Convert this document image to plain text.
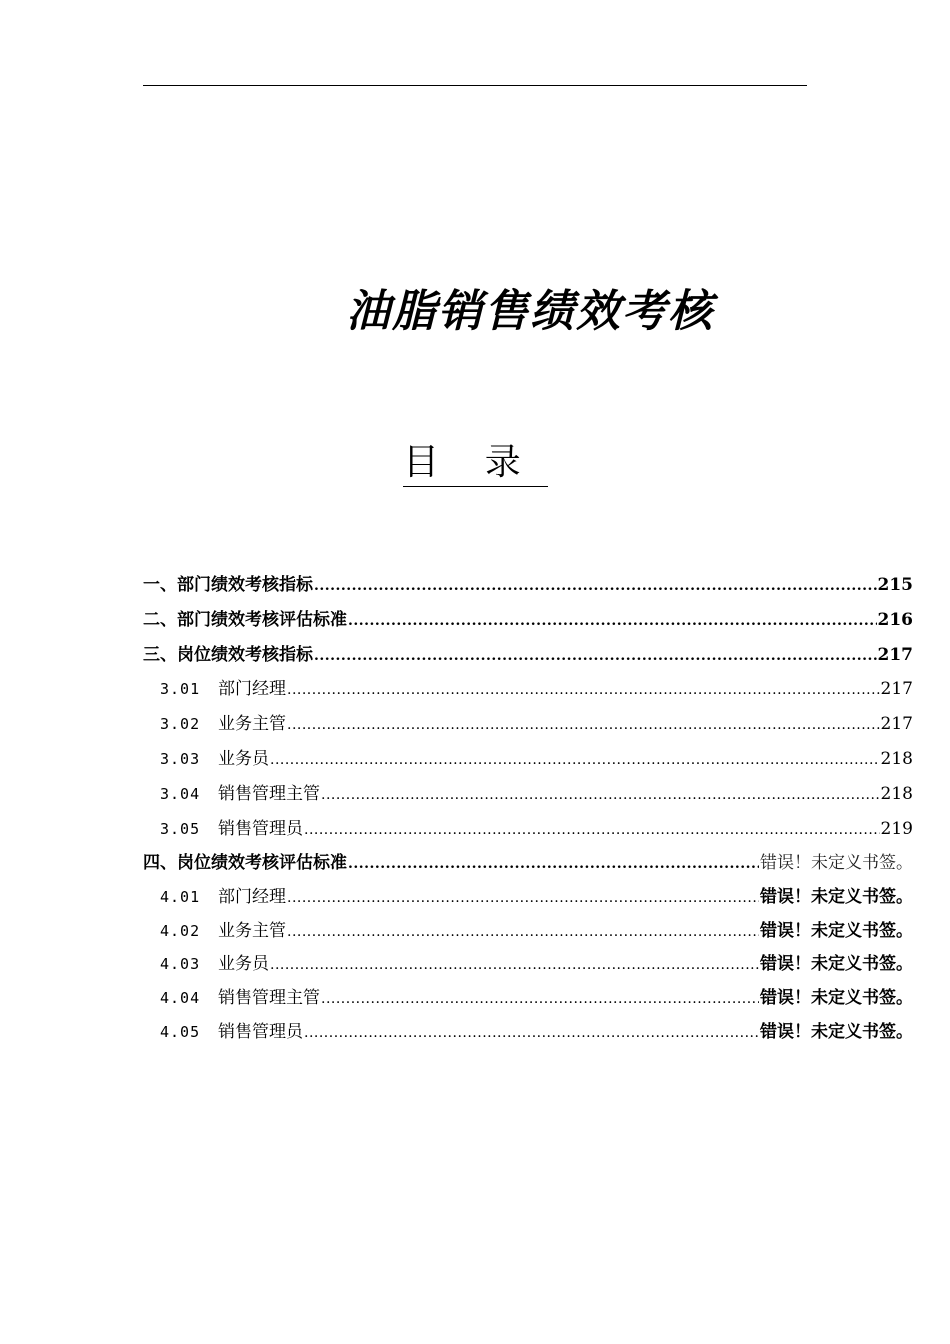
油脂销售绩效考核
目    录
一、部门绩效考核指标 .....	215
二、部门绩效考核评估标准 .....	216
三、岗位绩效考核指标 .....	217
3.01	部门经理 .....	217
3.02	业务主管 .....	217
3.03	业务员 .....	218
3.04	销售管理主管 .....	218
3.05	销售管理员 .....	219
四、岗位绩效考核评估标准 .....	错误！未定义书签。
4.01	部门经理 .....	错误！未定义书签。
4.02	业务主管 .....	错误！未定义书签。
4.03	业务员 .....	错误！未定义书签。
4.04	销售管理主管 .....	错误！未定义书签。
4.05	销售管理员 .....	错误！未定义书签。
